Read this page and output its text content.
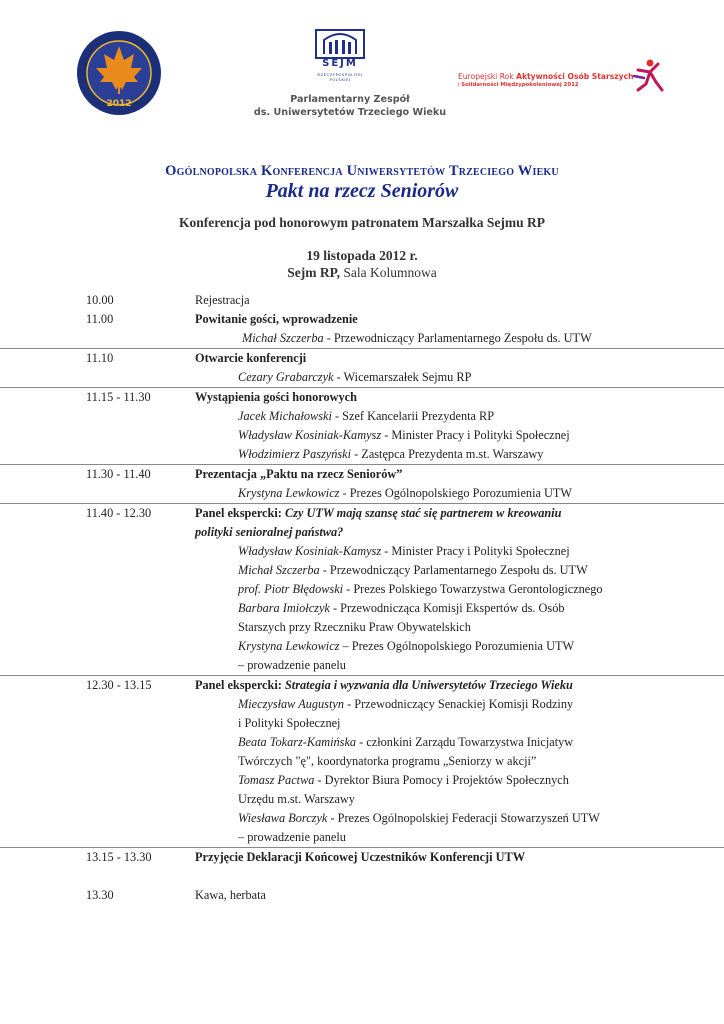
2012
SEJM
RZECZYPOSPOLITEJ
POLSKIEJ
Parlamentarny Zespół
ds. Uniwersytetów Trzeciego Wieku
Europejski Rok Aktywności Osób Starszych
i Solidarności Międzypokoleniowej 2012
Ogólnopolska Konferencja Uniwersytetów Trzeciego Wieku
Pakt na rzecz Seniorów
Konferencja pod honorowym patronatem Marszałka Sejmu RP
19 listopada 2012 r.
Sejm RP, Sala Kolumnowa
10.00	Rejestracja
11.00	Powitanie gości, wprowadzenie
Michał Szczerba - Przewodniczący Parlamentarnego Zespołu ds. UTW
11.10	Otwarcie konferencji
Cezary Grabarczyk - Wicemarszałek Sejmu RP
11.15 - 11.30	Wystąpienia gości honorowych
Jacek Michałowski - Szef Kancelarii Prezydenta RP
Władysław Kosiniak-Kamysz - Minister Pracy i Polityki Społecznej
Włodzimierz Paszyński - Zastępca Prezydenta m.st. Warszawy
11.30 - 11.40	Prezentacja „Paktu na rzecz Seniorów”
Krystyna Lewkowicz - Prezes Ogólnopolskiego Porozumienia UTW
11.40 - 12.30	Panel ekspercki: Czy UTW mają szansę stać się partnerem w kreowaniu
polityki senioralnej państwa?
Władysław Kosiniak-Kamysz - Minister Pracy i Polityki Społecznej
Michał Szczerba - Przewodniczący Parlamentarnego Zespołu ds. UTW
prof. Piotr Błędowski - Prezes Polskiego Towarzystwa Gerontologicznego
Barbara Imiołczyk - Przewodnicząca Komisji Ekspertów ds. Osób
Starszych przy Rzeczniku Praw Obywatelskich
Krystyna Lewkowicz – Prezes Ogólnopolskiego Porozumienia UTW
– prowadzenie panelu
12.30 - 13.15	Panel ekspercki: Strategia i wyzwania dla Uniwersytetów Trzeciego Wieku
Mieczysław Augustyn - Przewodniczący Senackiej Komisji Rodziny
i Polityki Społecznej
Beata Tokarz-Kamińska - członkini Zarządu Towarzystwa Inicjatyw
Twórczych "ę", koordynatorka programu „Seniorzy w akcji”
Tomasz Pactwa - Dyrektor Biura Pomocy i Projektów Społecznych
Urzędu m.st. Warszawy
Wiesława Borczyk - Prezes Ogólnopolskiej Federacji Stowarzyszeń UTW
– prowadzenie panelu
13.15 - 13.30	Przyjęcie Deklaracji Końcowej Uczestników Konferencji UTW
13.30	Kawa, herbata
